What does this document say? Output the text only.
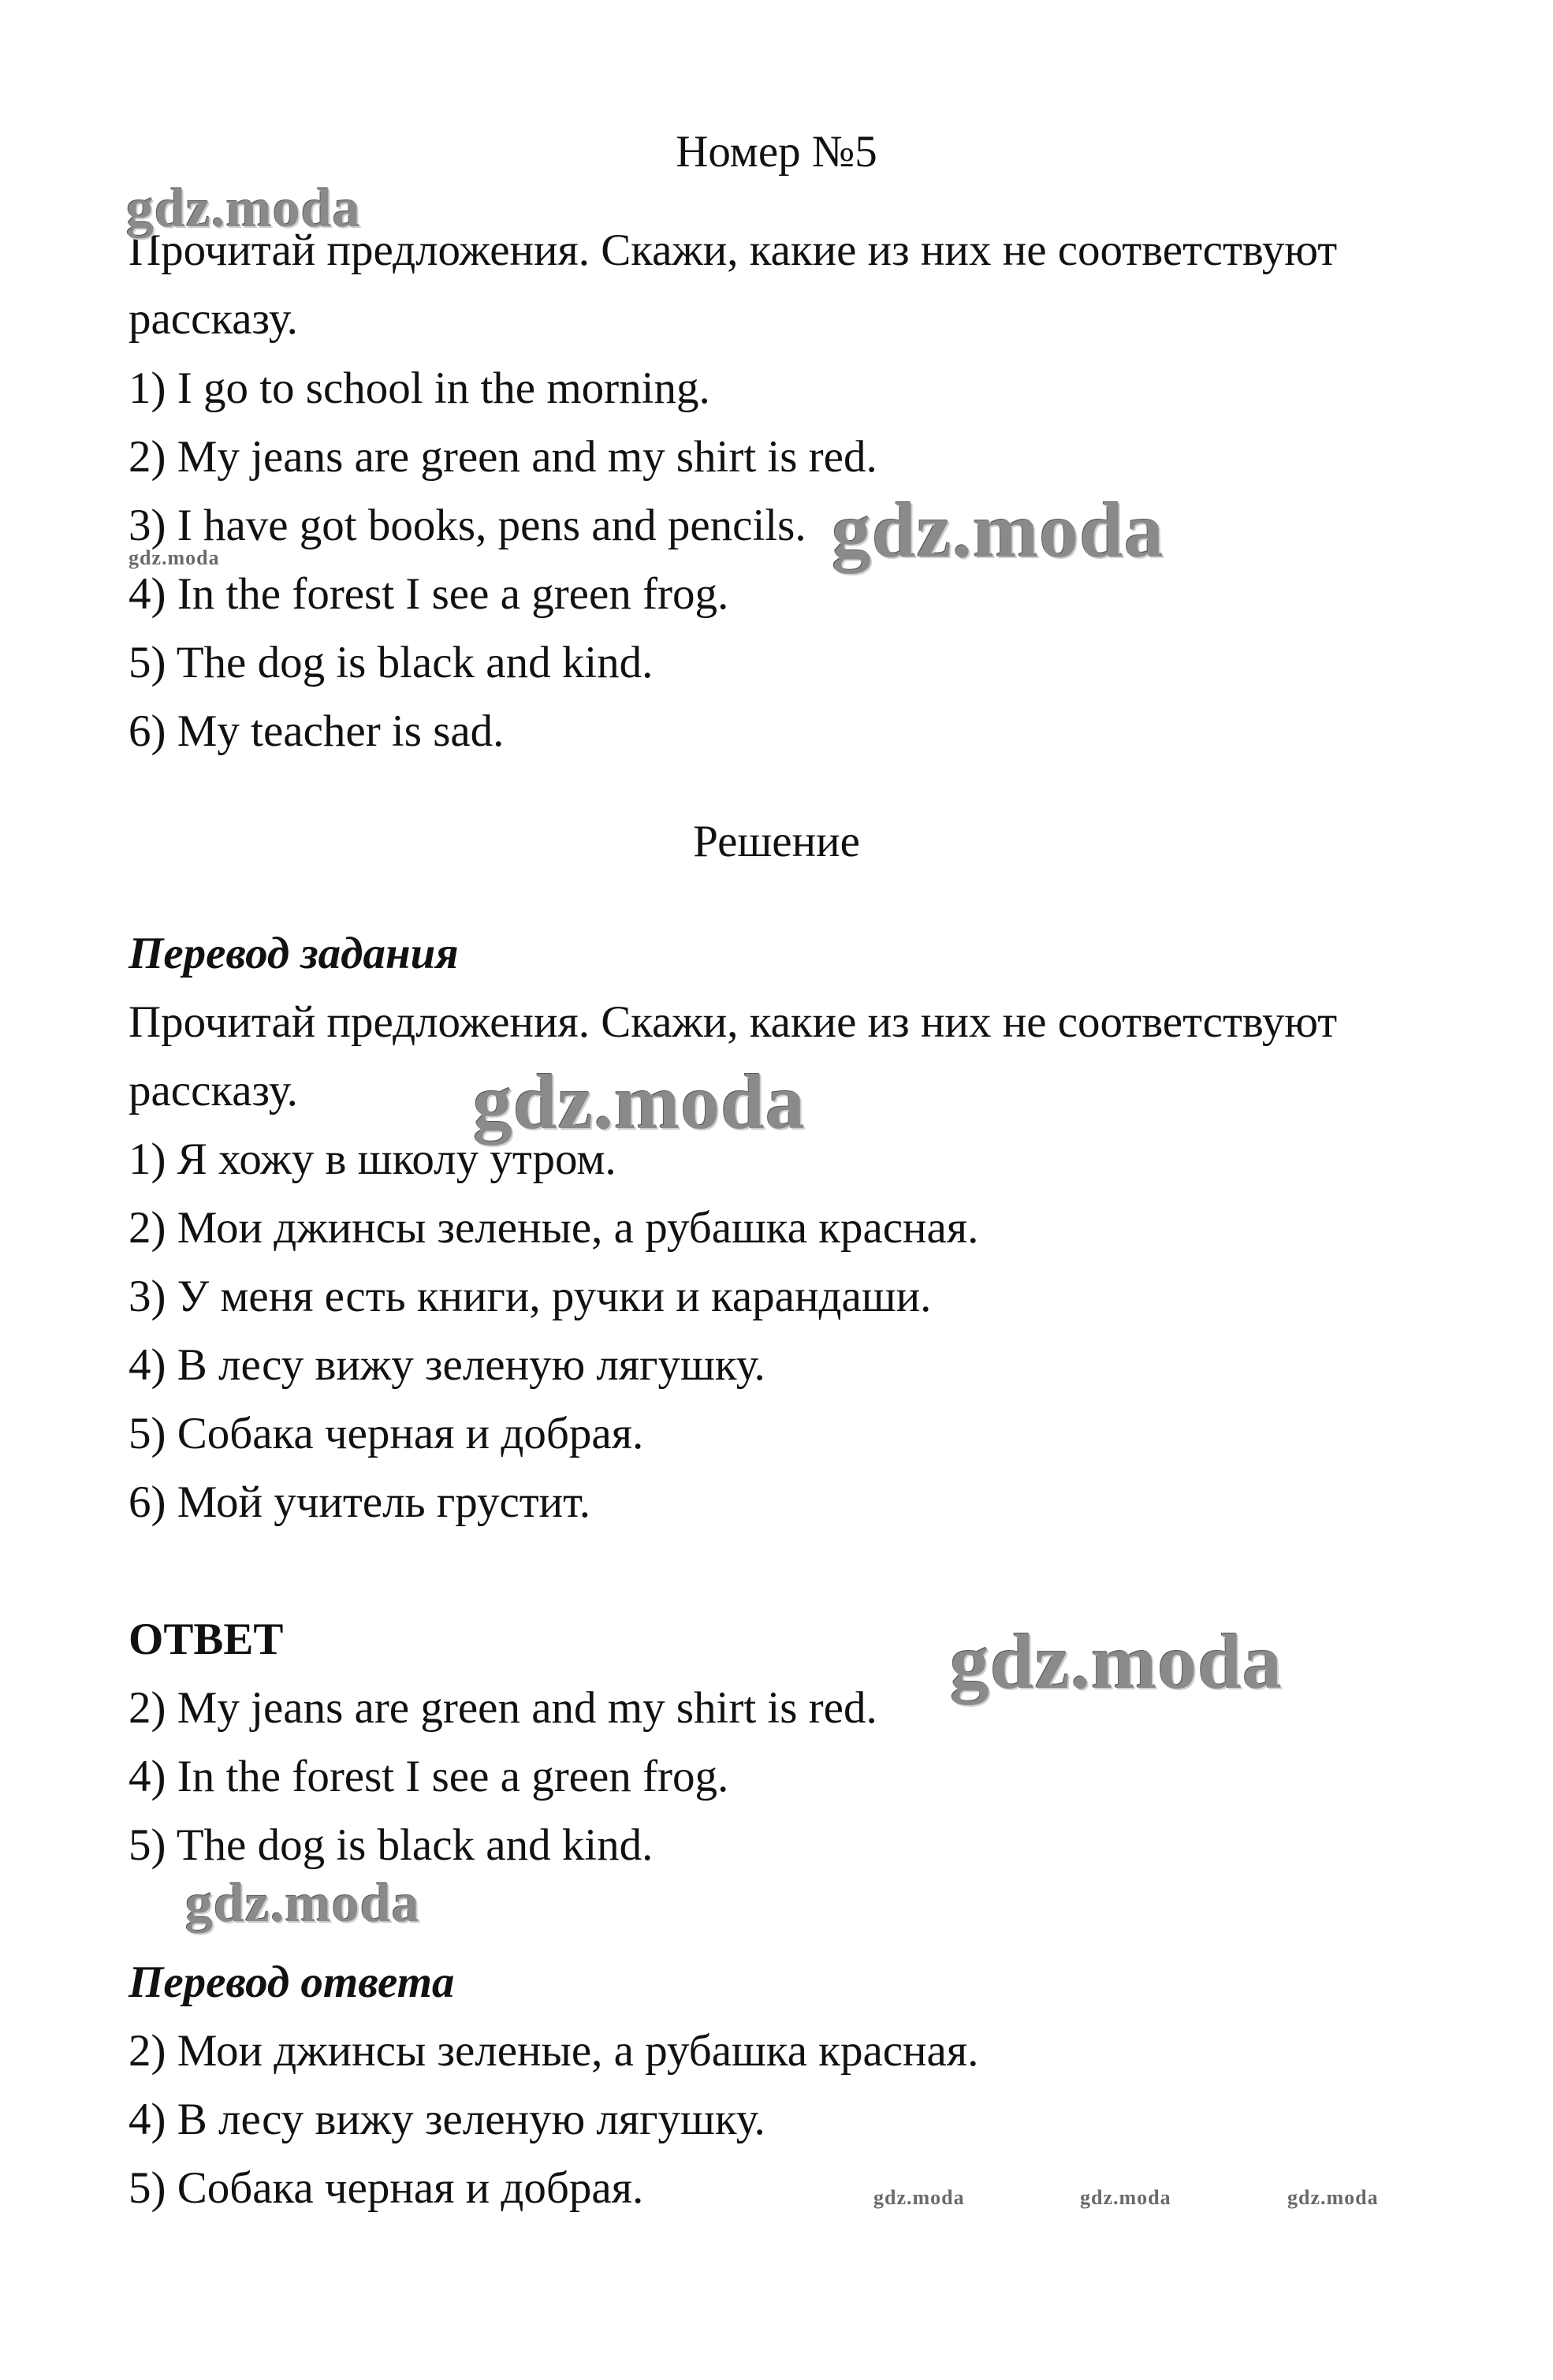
Номер №5
Прочитай предложения. Скажи, какие из них не соответствуют
рассказу.
1) I go to school in the morning.
2) My jeans are green and my shirt is red.
3) I have got books, pens and pencils.
4) In the forest I see a green frog.
5) The dog is black and kind.
6) My teacher is sad.
Решение
Перевод задания
Прочитай предложения. Скажи, какие из них не соответствуют
рассказу.
1) Я хожу в школу утром.
2) Мои джинсы зеленые, а рубашка красная.
3) У меня есть книги, ручки и карандаши.
4) В лесу вижу зеленую лягушку.
5) Собака черная и добрая.
6) Мой учитель грустит.
ОТВЕТ
2) My jeans are green and my shirt is red.
4) In the forest I see a green frog.
5) The dog is black and kind.
Перевод ответа
2) Мои джинсы зеленые, а рубашка красная.
4) В лесу вижу зеленую лягушку.
5) Собака черная и добрая.
gdz.moda
gdz.moda
gdz.moda
gdz.moda
gdz.moda
gdz.moda
gdz.moda	gdz.moda	gdz.moda
